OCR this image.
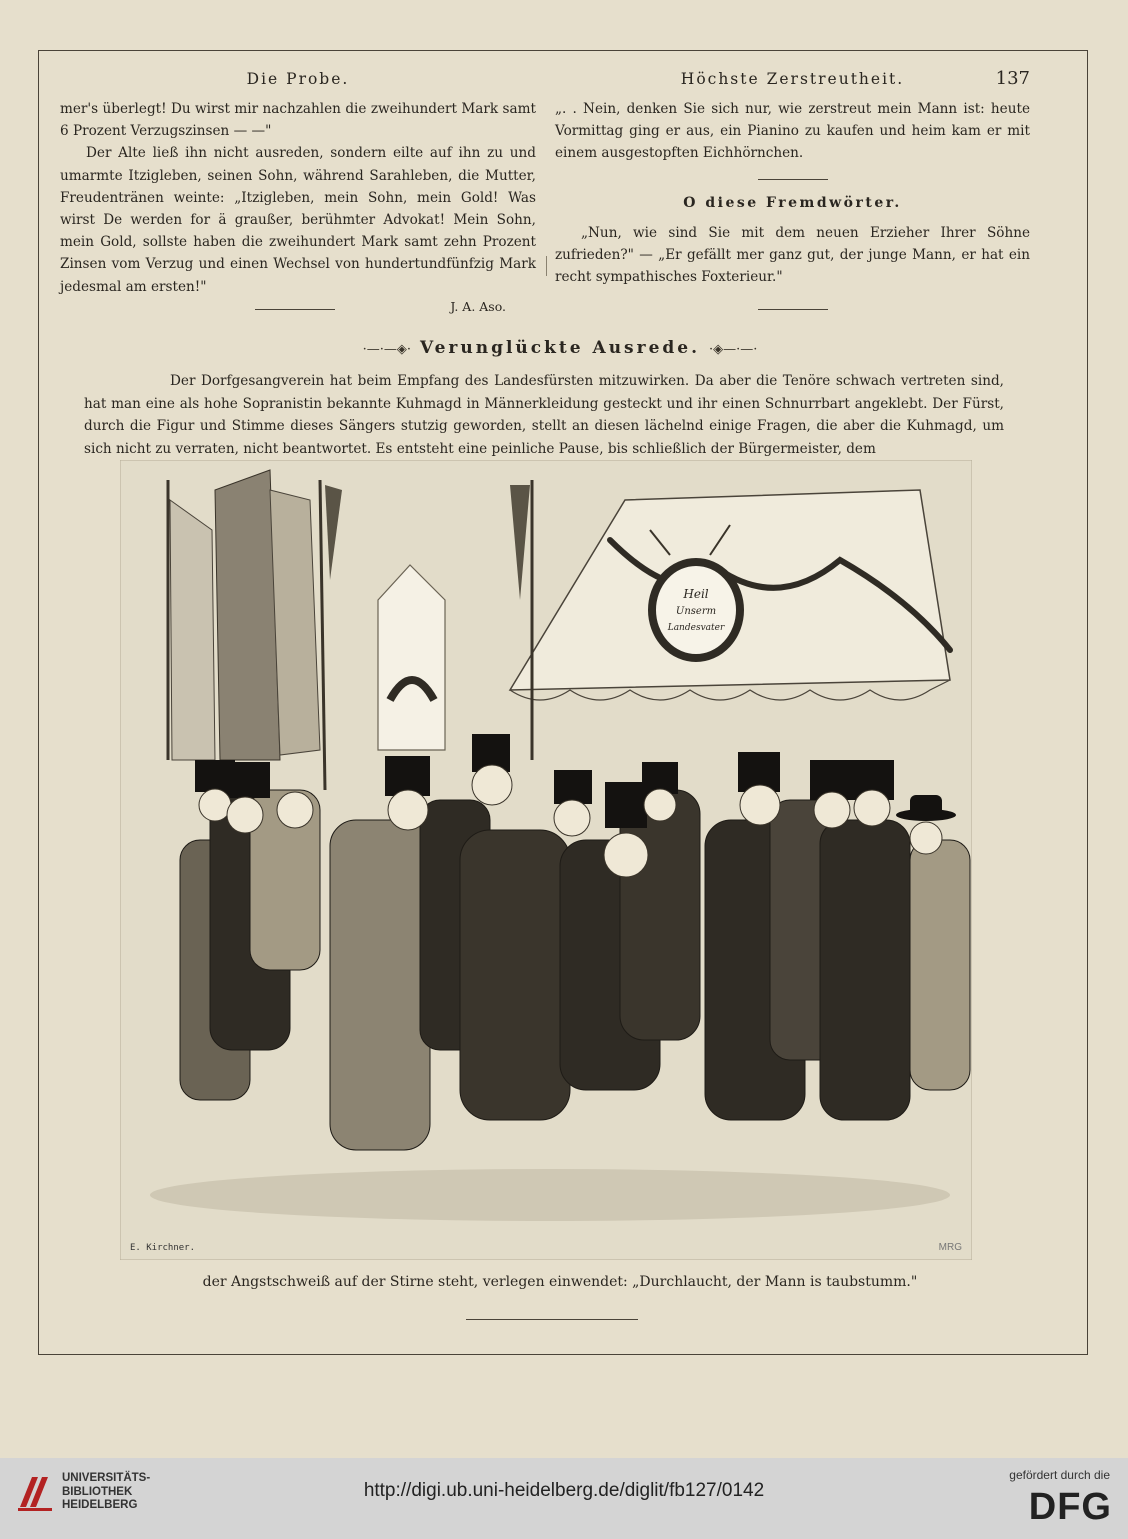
Die Probe.

mer's überlegt! Du wirst mir nachzahlen die zweihundert Mark samt 6 Prozent Verzugszinsen — —"

Der Alte ließ ihn nicht ausreden, sondern eilte auf ihn zu und umarmte Itzigleben, seinen Sohn, während Sarahleben, die Mutter, Freudentränen weinte: „Itzigleben, mein Sohn, mein Gold! Was wirst De werden for ä graußer, berühmter Advokat! Mein Sohn, mein Gold, sollste haben die zweihundert Mark samt zehn Prozent Zinsen vom Verzug und einen Wechsel von hundertundfünfzig Mark jedesmal am ersten!"

J. A. Aso.
Höchste Zerstreutheit.	137

„. . Nein, denken Sie sich nur, wie zerstreut mein Mann ist: heute Vormittag ging er aus, ein Pianino zu kaufen und heim kam er mit einem ausgestopften Eichhörnchen.

O diese Fremdwörter.

„Nun, wie sind Sie mit dem neuen Erzieher Ihrer Söhne zufrieden?" — „Er gefällt mer ganz gut, der junge Mann, er hat ein recht sympathisches Foxterieur."

·—·—◈· Verunglückte Ausrede. ·◈—·—·
Der Dorfgesangverein hat beim Empfang des Landesfürsten mitzuwirken. Da aber die Tenöre schwach vertreten sind, hat man eine als hohe Sopranistin bekannte Kuhmagd in Männerkleidung gesteckt und ihr einen Schnurrbart angeklebt. Der Fürst, durch die Figur und Stimme dieses Sängers stutzig geworden, stellt an diesen lächelnd einige Fragen, die aber die Kuhmagd, um sich nicht zu verraten, nicht beantwortet. Es entsteht eine peinliche Pause, bis schließlich der Bürgermeister, dem
Heil
Unserm
Landesvater
E. Kirchner.	MRG
der Angstschweiß auf der Stirne steht, verlegen einwendet: „Durchlaucht, der Mann is taubstumm."
UNIVERSITÄTS-
BIBLIOTHEK
HEIDELBERG
http://digi.ub.uni-heidelberg.de/diglit/fb127/0142
gefördert durch die
DFG
